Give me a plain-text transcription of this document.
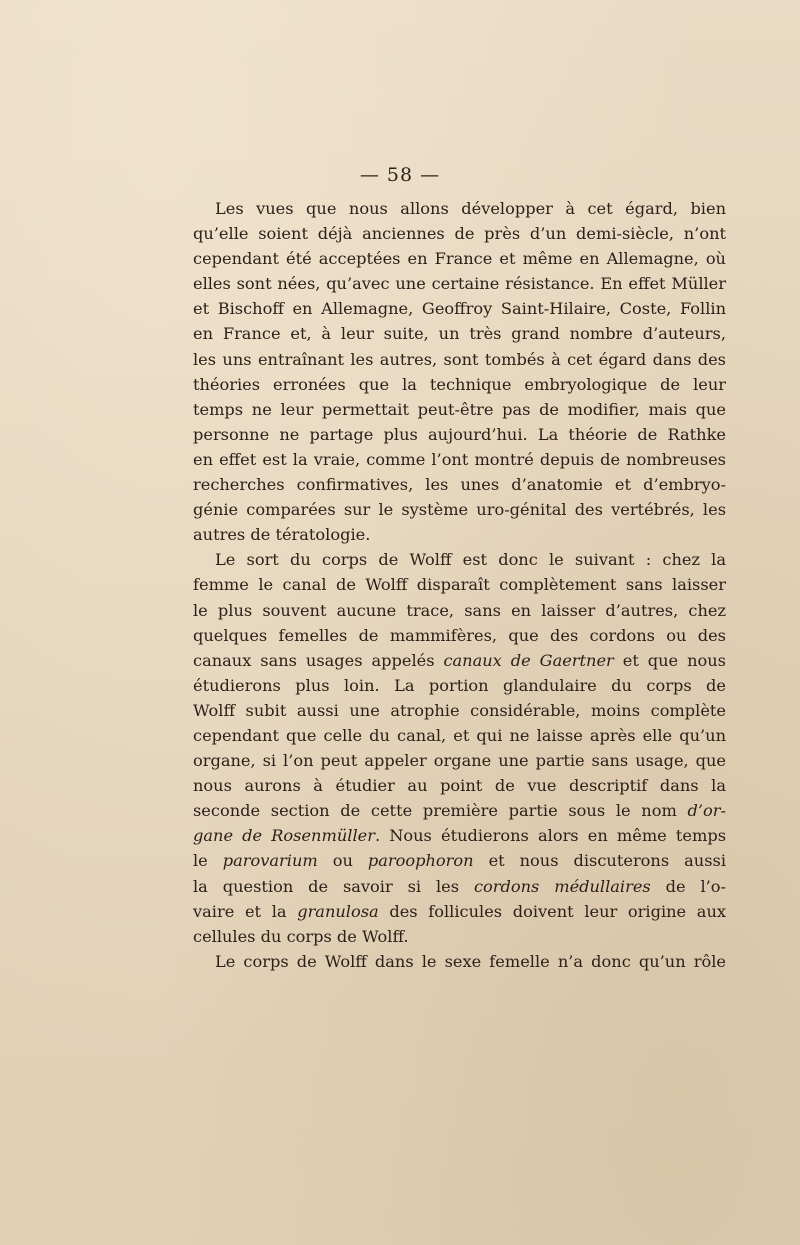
— 58 —
Les vues que nous allons développer à cet égard, bien
qu’elle soient déjà anciennes de près d’un demi-siècle, n’ont
cependant été acceptées en France et même en Allemagne, où
elles sont nées, qu’avec une certaine résistance. En effet Müller
et Bischoff en Allemagne, Geoffroy Saint-Hilaire, Coste, Follin
en France et, à leur suite, un très grand nombre d’auteurs,
les uns entraînant les autres, sont tombés à cet égard dans des
théories erronées que la technique embryologique de leur
temps ne leur permettait peut-être pas de modifier, mais que
personne ne partage plus aujourd’hui. La théorie de Rathke
en effet est la vraie, comme l’ont montré depuis de nombreuses
recherches confirmatives, les unes d’anatomie et d’embryo-
génie comparées sur le système uro-génital des vertébrés, les
autres de tératologie.
Le sort du corps de Wolff est donc le suivant : chez la
femme le canal de Wolff disparaît complètement sans laisser
le plus souvent aucune trace, sans en laisser d’autres, chez
quelques femelles de mammifères, que des cordons ou des
canaux sans usages appelés canaux de Gaertner et que nous
étudierons plus loin. La portion glandulaire du corps de
Wolff subit aussi une atrophie considérable, moins complète
cependant que celle du canal, et qui ne laisse après elle qu’un
organe, si l’on peut appeler organe une partie sans usage, que
nous aurons à étudier au point de vue descriptif dans la
seconde section de cette première partie sous le nom d’or-
gane de Rosenmüller. Nous étudierons alors en même temps
le parovarium ou paroophoron et nous discuterons aussi
la question de savoir si les cordons médullaires de l’o-
vaire et la granulosa des follicules doivent leur origine aux
cellules du corps de Wolff.
Le corps de Wolff dans le sexe femelle n’a donc qu’un rôle
